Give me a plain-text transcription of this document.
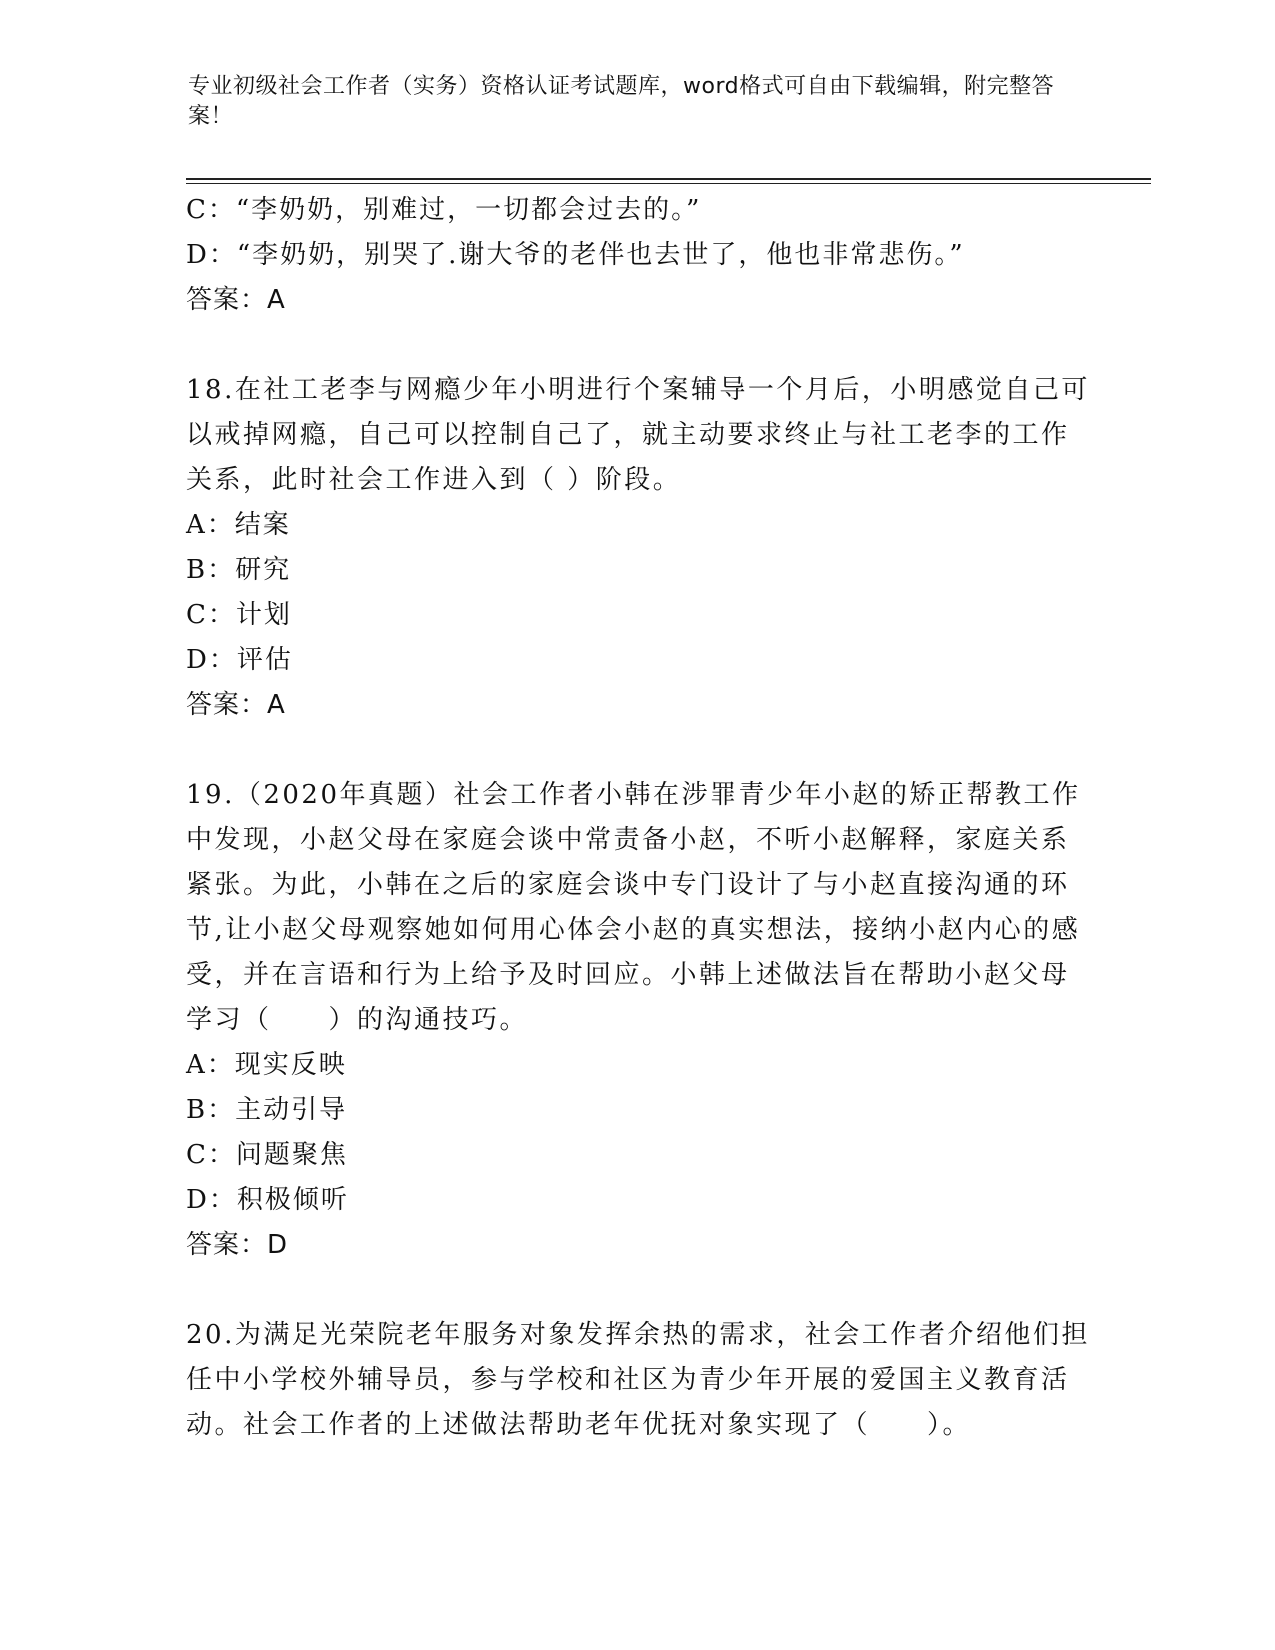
专业初级社会工作者（实务）资格认证考试题库，word格式可自由下载编辑，附完整答案！
C：“李奶奶，别难过，一切都会过去的。”
D：“李奶奶，别哭了.谢大爷的老伴也去世了，他也非常悲伤。”
答案：A
18.在社工老李与网瘾少年小明进行个案辅导一个月后，小明感觉自己可以戒掉网瘾，自己可以控制自己了，就主动要求终止与社工老李的工作关系，此时社会工作进入到（ ）阶段。
A：结案
B：研究
C：计划
D：评估
答案：A
19.（2020年真题）社会工作者小韩在涉罪青少年小赵的矫正帮教工作中发现，小赵父母在家庭会谈中常责备小赵，不听小赵解释，家庭关系紧张。为此，小韩在之后的家庭会谈中专门设计了与小赵直接沟通的环节,让小赵父母观察她如何用心体会小赵的真实想法，接纳小赵内心的感受，并在言语和行为上给予及时回应。小韩上述做法旨在帮助小赵父母学习（　　）的沟通技巧。
A：现实反映
B：主动引导
C：问题聚焦
D：积极倾听
答案：D
20.为满足光荣院老年服务对象发挥余热的需求，社会工作者介绍他们担任中小学校外辅导员，参与学校和社区为青少年开展的爱国主义教育活动。社会工作者的上述做法帮助老年优抚对象实现了（　　）。
